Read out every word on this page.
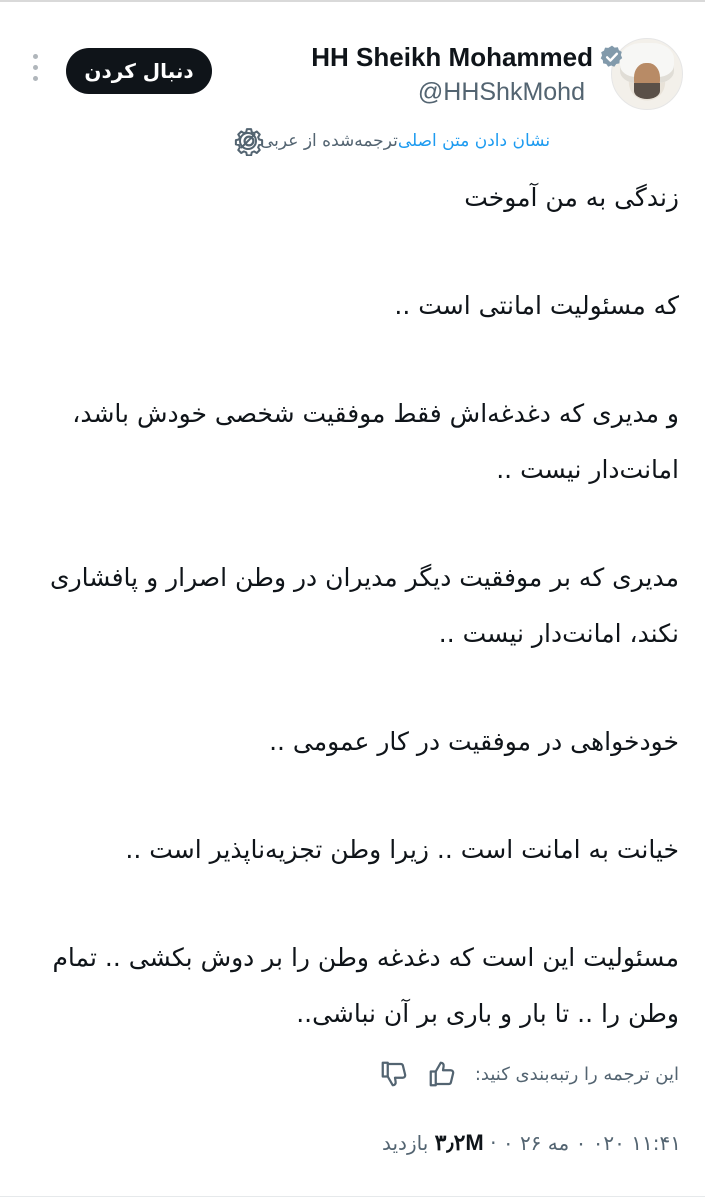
HH Sheikh Mohammed
@HHShkMohd
دنبال کردن
ترجمه‌شده از عربی نشان دادن متن اصلی

زندگی به من آموخت

که مسئولیت امانتی است ..

و مدیری که دغدغه‌اش فقط موفقیت شخصی خودش باشد، امانت‌دار نیست ..

مدیری که بر موفقیت دیگر مدیران در وطن اصرار و پافشاری نکند، امانت‌دار نیست ..

خودخواهی در موفقیت در کار عمومی ..

خیانت به امانت است .. زیرا وطن تجزیه‌ناپذیر است ..

مسئولیت این است که دغدغه وطن را بر دوش بکشی .. تمام وطن را .. تا بار و باری بر آن نباشی..

این ترجمه را رتبه‌بندی کنید:
۱۱:۴۱ ۰۲۰ ۰ مه ۲۶ ۰ · ۳٫۲M بازدید
